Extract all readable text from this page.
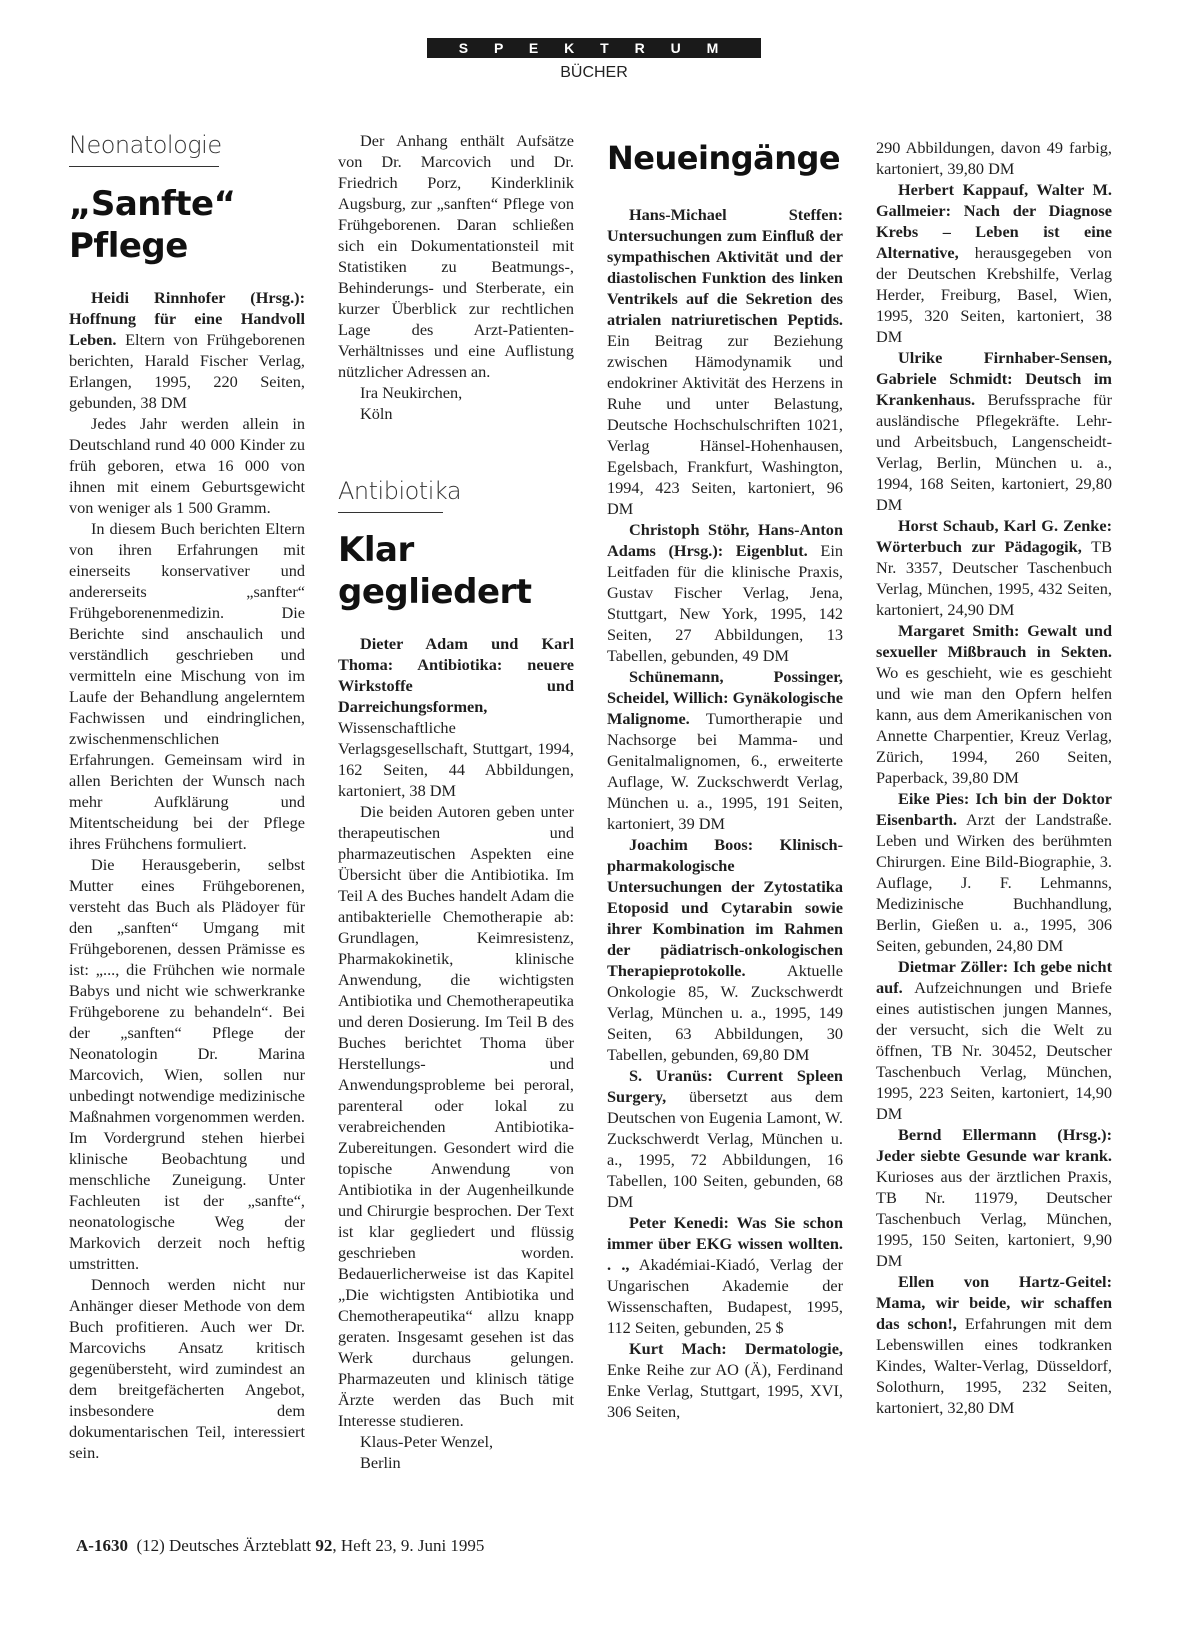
S P E K T R U M
BÜCHER
Neonatologie
„Sanfte“
Pflege

Heidi Rinnhofer (Hrsg.): Hoffnung für eine Handvoll Leben. Eltern von Frühgeborenen berichten, Harald Fischer Verlag, Erlangen, 1995, 220 Seiten, gebunden, 38 DM

Jedes Jahr werden allein in Deutschland rund 40 000 Kinder zu früh geboren, etwa 16 000 von ihnen mit einem Geburtsgewicht von weniger als 1 500 Gramm.

In diesem Buch berichten Eltern von ihren Erfahrungen mit einerseits konservativer und andererseits „sanfter“ Frühgeborenenmedizin. Die Berichte sind anschaulich und verständlich geschrieben und vermitteln eine Mischung von im Laufe der Behandlung angelerntem Fachwissen und eindringlichen, zwischenmenschlichen Erfahrungen. Gemeinsam wird in allen Berichten der Wunsch nach mehr Aufklärung und Mitentscheidung bei der Pflege ihres Frühchens formuliert.

Die Herausgeberin, selbst Mutter eines Frühgeborenen, versteht das Buch als Plädoyer für den „sanften“ Umgang mit Frühgeborenen, dessen Prämisse es ist: „..., die Frühchen wie normale Babys und nicht wie schwerkranke Frühgeborene zu behandeln“. Bei der „sanften“ Pflege der Neonatologin Dr. Marina Marcovich, Wien, sollen nur unbedingt notwendige medizinische Maßnahmen vorgenommen werden. Im Vordergrund stehen hierbei klinische Beobachtung und menschliche Zuneigung. Unter Fachleuten ist der „sanfte“, neonatologische Weg der Markovich derzeit noch heftig umstritten.

Dennoch werden nicht nur Anhänger dieser Methode von dem Buch profitieren. Auch wer Dr. Marcovichs Ansatz kritisch gegenübersteht, wird zumindest an dem breitgefächerten Angebot, insbesondere dem dokumentarischen Teil, interessiert sein.

Der Anhang enthält Aufsätze von Dr. Marcovich und Dr. Friedrich Porz, Kinderklinik Augsburg, zur „sanften“ Pflege von Frühgeborenen. Daran schließen sich ein Dokumentationsteil mit Statistiken zu Beatmungs-, Behinderungs- und Sterberate, ein kurzer Überblick zur rechtlichen Lage des Arzt-Patienten-Verhältnisses und eine Auflistung nützlicher Adressen an.

Ira Neukirchen,

Köln

Antibiotika
Klar
gegliedert

Dieter Adam und Karl Thoma: Antibiotika: neuere Wirkstoffe und Darreichungsformen, Wissenschaftliche Verlagsgesellschaft, Stuttgart, 1994, 162 Seiten, 44 Abbildungen, kartoniert, 38 DM

Die beiden Autoren geben unter therapeutischen und pharmazeutischen Aspekten eine Übersicht über die Antibiotika. Im Teil A des Buches handelt Adam die antibakterielle Chemotherapie ab: Grundlagen, Keimresistenz, Pharmakokinetik, klinische Anwendung, die wichtigsten Antibiotika und Chemotherapeutika und deren Dosierung. Im Teil B des Buches berichtet Thoma über Herstellungs- und Anwendungsprobleme bei peroral, parenteral oder lokal zu verabreichenden Antibiotika-Zubereitungen. Gesondert wird die topische Anwendung von Antibiotika in der Augenheilkunde und Chirurgie besprochen. Der Text ist klar gegliedert und flüssig geschrieben worden. Bedauerlicherweise ist das Kapitel „Die wichtigsten Antibiotika und Chemotherapeutika“ allzu knapp geraten. Insgesamt gesehen ist das Werk durchaus gelungen. Pharmazeuten und klinisch tätige Ärzte werden das Buch mit Interesse studieren.

Klaus-Peter Wenzel,

Berlin

Neueingänge

Hans-Michael Steffen: Untersuchungen zum Einfluß der sympathischen Aktivität und der diastolischen Funktion des linken Ventrikels auf die Sekretion des atrialen natriuretischen Peptids. Ein Beitrag zur Beziehung zwischen Hämodynamik und endokriner Aktivität des Herzens in Ruhe und unter Belastung, Deutsche Hochschulschriften 1021, Verlag Hänsel-Hohenhausen, Egelsbach, Frankfurt, Washington, 1994, 423 Seiten, kartoniert, 96 DM

Christoph Stöhr, Hans-Anton Adams (Hrsg.): Eigenblut. Ein Leitfaden für die klinische Praxis, Gustav Fischer Verlag, Jena, Stuttgart, New York, 1995, 142 Seiten, 27 Abbildungen, 13 Tabellen, gebunden, 49 DM

Schünemann, Possinger, Scheidel, Willich: Gynäkologische Malignome. Tumortherapie und Nachsorge bei Mamma- und Genitalmalignomen, 6., erweiterte Auflage, W. Zuckschwerdt Verlag, München u. a., 1995, 191 Seiten, kartoniert, 39 DM

Joachim Boos: Klinisch-pharmakologische Untersuchungen der Zytostatika Etoposid und Cytarabin sowie ihrer Kombination im Rahmen der pädiatrisch-onkologischen Therapieprotokolle. Aktuelle Onkologie 85, W. Zuckschwerdt Verlag, München u. a., 1995, 149 Seiten, 63 Abbildungen, 30 Tabellen, gebunden, 69,80 DM

S. Uranüs: Current Spleen Surgery, übersetzt aus dem Deutschen von Eugenia Lamont, W. Zuckschwerdt Verlag, München u. a., 1995, 72 Abbildungen, 16 Tabellen, 100 Seiten, gebunden, 68 DM

Peter Kenedi: Was Sie schon immer über EKG wissen wollten. . ., Akadémiai-Kiadó, Verlag der Ungarischen Akademie der Wissenschaften, Budapest, 1995, 112 Seiten, gebunden, 25 $

Kurt Mach: Dermatologie, Enke Reihe zur AO (Ä), Ferdinand Enke Verlag, Stuttgart, 1995, XVI, 306 Seiten,

290 Abbildungen, davon 49 farbig, kartoniert, 39,80 DM

Herbert Kappauf, Walter M. Gallmeier: Nach der Diagnose Krebs – Leben ist eine Alternative, herausgegeben von der Deutschen Krebshilfe, Verlag Herder, Freiburg, Basel, Wien, 1995, 320 Seiten, kartoniert, 38 DM

Ulrike Firnhaber-Sensen, Gabriele Schmidt: Deutsch im Krankenhaus. Berufssprache für ausländische Pflegekräfte. Lehr- und Arbeitsbuch, Langenscheidt-Verlag, Berlin, München u. a., 1994, 168 Seiten, kartoniert, 29,80 DM

Horst Schaub, Karl G. Zenke: Wörterbuch zur Pädagogik, TB Nr. 3357, Deutscher Taschenbuch Verlag, München, 1995, 432 Seiten, kartoniert, 24,90 DM

Margaret Smith: Gewalt und sexueller Mißbrauch in Sekten. Wo es geschieht, wie es geschieht und wie man den Opfern helfen kann, aus dem Amerikanischen von Annette Charpentier, Kreuz Verlag, Zürich, 1994, 260 Seiten, Paperback, 39,80 DM

Eike Pies: Ich bin der Doktor Eisenbarth. Arzt der Landstraße. Leben und Wirken des berühmten Chirurgen. Eine Bild-Biographie, 3. Auflage, J. F. Lehmanns, Medizinische Buchhandlung, Berlin, Gießen u. a., 1995, 306 Seiten, gebunden, 24,80 DM

Dietmar Zöller: Ich gebe nicht auf. Aufzeichnungen und Briefe eines autistischen jungen Mannes, der versucht, sich die Welt zu öffnen, TB Nr. 30452, Deutscher Taschenbuch Verlag, München, 1995, 223 Seiten, kartoniert, 14,90 DM

Bernd Ellermann (Hrsg.): Jeder siebte Gesunde war krank. Kurioses aus der ärztlichen Praxis, TB Nr. 11979, Deutscher Taschenbuch Verlag, München, 1995, 150 Seiten, kartoniert, 9,90 DM

Ellen von Hartz-Geitel: Mama, wir beide, wir schaffen das schon!, Erfahrungen mit dem Lebenswillen eines todkranken Kindes, Walter-Verlag, Düsseldorf, Solothurn, 1995, 232 Seiten, kartoniert, 32,80 DM

A-1630 (12) Deutsches Ärzteblatt 92, Heft 23, 9. Juni 1995
